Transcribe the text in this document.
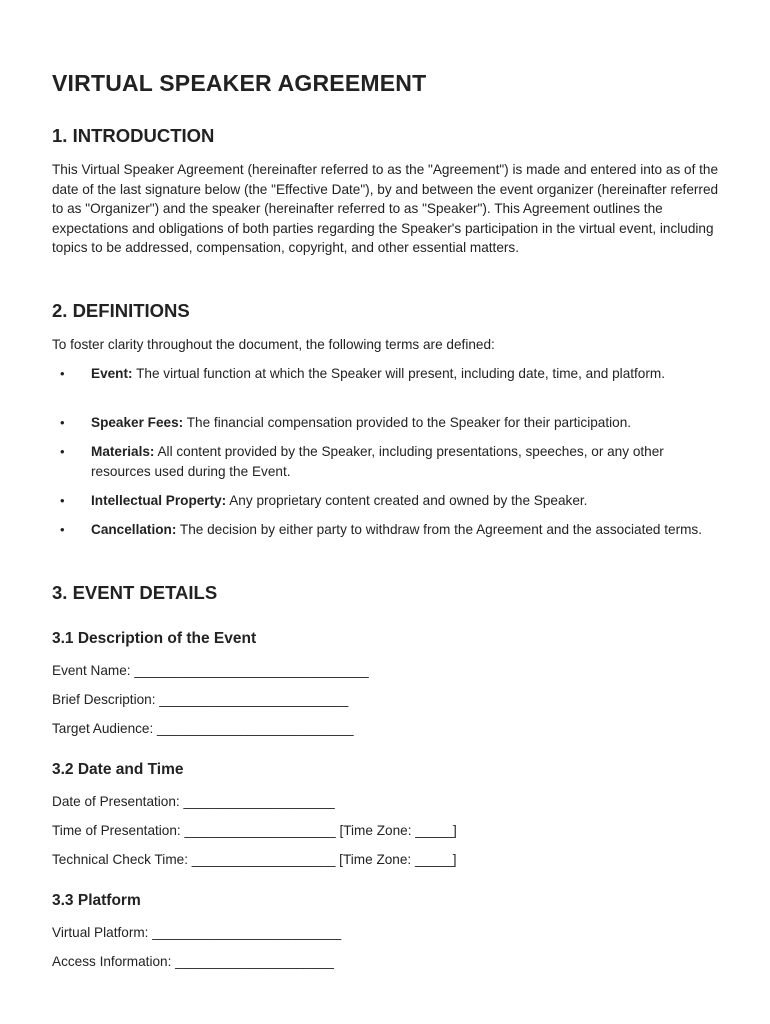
VIRTUAL SPEAKER AGREEMENT
1. INTRODUCTION

This Virtual Speaker Agreement (hereinafter referred to as the "Agreement") is made and entered into as of the date of the last signature below (the "Effective Date"), by and between the event organizer (hereinafter referred to as "Organizer") and the speaker (hereinafter referred to as "Speaker"). This Agreement outlines the expectations and obligations of both parties regarding the Speaker's participation in the virtual event, including topics to be addressed, compensation, copyright, and other essential matters.

2. DEFINITIONS

To foster clarity throughout the document, the following terms are defined:

• Event: The virtual function at which the Speaker will present, including date, time, and platform.
• Speaker Fees: The financial compensation provided to the Speaker for their participation.
• Materials: All content provided by the Speaker, including presentations, speeches, or any other resources used during the Event.
• Intellectual Property: Any proprietary content created and owned by the Speaker.
• Cancellation: The decision by either party to withdraw from the Agreement and the associated terms.
3. EVENT DETAILS
3.1 Description of the Event

Event Name: _______________________________

Brief Description: _________________________

Target Audience: __________________________

3.2 Date and Time

Date of Presentation: ____________________

Time of Presentation: ____________________ [Time Zone: _____]

Technical Check Time: ___________________ [Time Zone: _____]

3.3 Platform

Virtual Platform: _________________________

Access Information: _____________________
